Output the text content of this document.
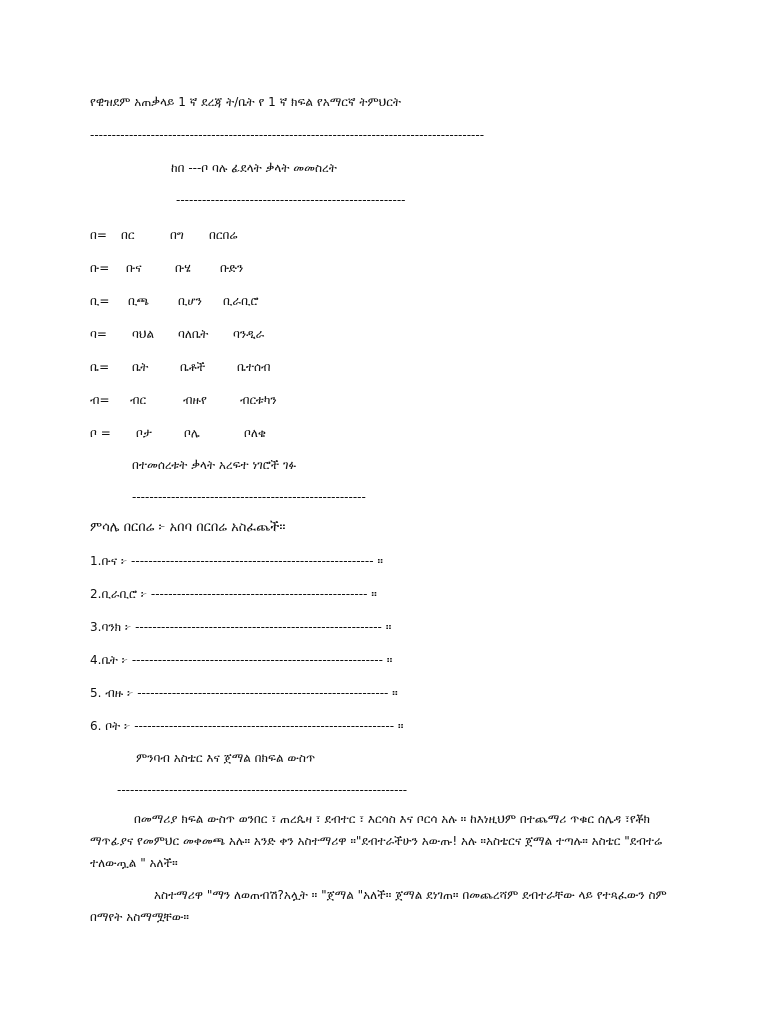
የዊዝደም አጠቃላይ 1 ኛ ደረጃ ት/ቤት የ 1 ኛ ክፍል የአማርኛ ትምህርት
-------------------------------------------------------------------------------------------
ከበ ---ቦ ባሉ ፊደላት ቃላት መመስረት
-----------------------------------------------------
በ= በር	በግ በርበሬ
ቡ= ቡና	ቡሄ ቡድን
ቢ= ቢጫ ቢሆን ቢራቢሮ
ባ= ባህል ባለቤት ባንዲራ
ቤ= ቤት	ቤቶች	ቤተሰብ
ብ= ብር	ብዙየ	ብርቱካን
ቦ = ቦታ	ቦሌ	ቦለቄ
በተመሰረቱት ቃላት አረፍተ ነገሮች ገፉ
------------------------------------------------------
ምሳሌ በርበሬ ፦ አበባ በርበሬ አስፈጨች።
1.ቡና ፦ -------------------------------------------------------- ።
2.ቢራቢሮ ፦ -------------------------------------------------- ።
3.ባንክ ፦ --------------------------------------------------------- ።
4.ቤት ፦ ---------------------------------------------------------- ።
5. ብዙ ፦ ---------------------------------------------------------- ።
6. ቦት ፦ ------------------------------------------------------------ ።
ምንባብ አስቴር እና ጀማል በክፍል ውስጥ
-------------------------------------------------------------------
በመማሪያ ክፍል ውስጥ ወንበር ፣ ጠረጴዛ ፣ ደብተር ፣ እርሳስ እና ቦርሳ አሉ ። ከእነዚህም በተጨማሪ ጥቁር ሰሌዳ ፣የቾክ ማጥፊያና የመምህር መቀመጫ አሉ። አንድ ቀን አስተማሪዋ ።"ደብተራችሁን አውጡ! አሉ ።አስቴርና ጀማል ተጣሉ። አስቴር "ደብተሬ ተለውጧል " አለች።
አስተማሪዋ "ማን ለወጠብሽ?አሏት ። "ጀማል "አለች። ጀማል ደነገጠ። በመጨረሻም ደብተራቸው ላይ የተጻፈውን ስም በማየት አስማሟቸው።
